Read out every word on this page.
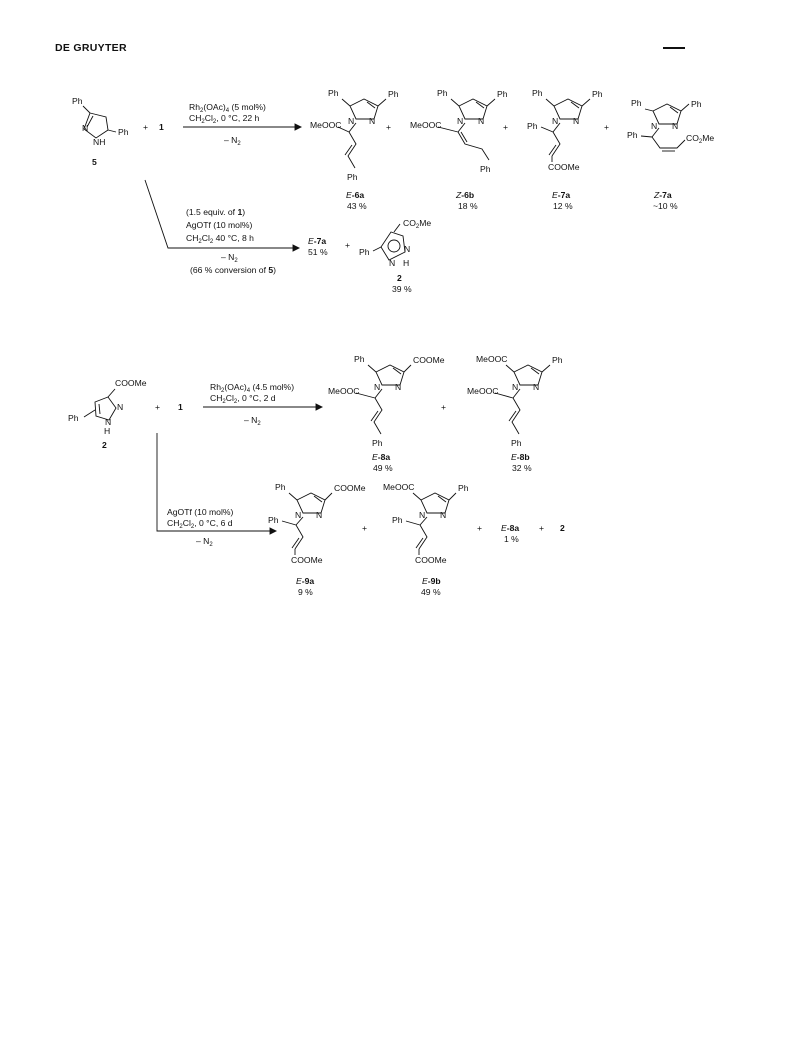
DE GRUYTER
Ph
N
NH
Ph
5
+ 1
$Rh_2(OAc)_4$ (5 mol%)
$CH_2Cl_2$, 0 °C, 22 h
– $N_2$
Ph	Ph
N N
MeOOC
Ph
E-6a
43 %
+
Ph	Ph
N N
MeOOC
Ph
Z-6b
18 %
+
Ph	Ph
N N
Ph
COOMe
E-7a
12 %
+
Ph	Ph
N N
Ph	$CO_2Me$
Z-7a
~10 %
(1.5 equiv. of 1)
AgOTf (10 mol%)
$CH_2Cl_2$ 40 °C, 8 h
– $N_2$
(66 % conversion of 5)
E-7a
51 %
+
Ph
$CO_2Me$
N
N H
2
39 %
COOMe
N
N
H
Ph
2
+ 1
$Rh_2(OAc)_4$ (4.5 mol%)
$CH_2Cl_2$, 0 °C, 2 d
– $N_2$
Ph	COOMe
N N
MeOOC
Ph
E-8a
49 %
+
MeOOC	Ph
N N
MeOOC
Ph
E-8b
32 %
AgOTf (10 mol%)
$CH_2Cl_2$, 0 °C, 6 d
– $N_2$
Ph	COOMe
N N
Ph
COOMe
E-9a
9 %
+
MeOOC	Ph
N N
Ph
COOMe
E-9b
49 %
+ E-8a
1 %
+ 2
